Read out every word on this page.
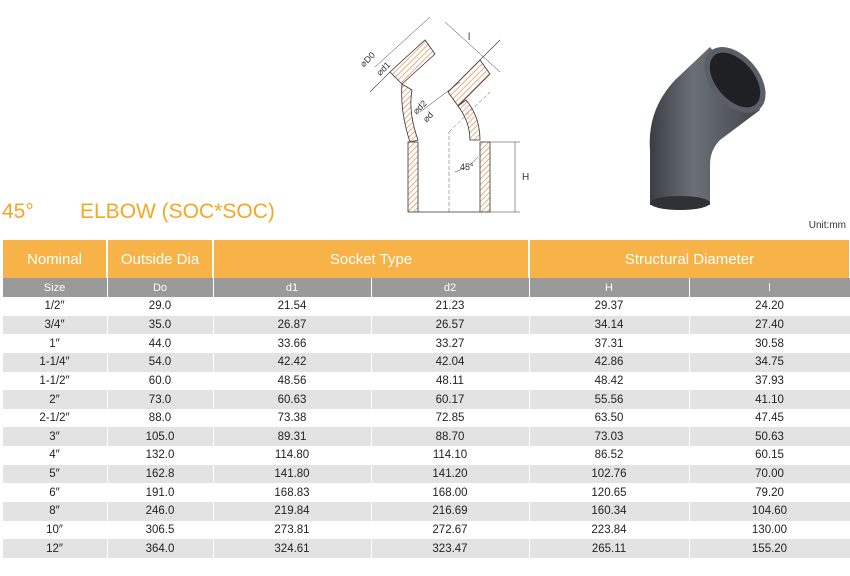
⌀D0
⌀d1
⌀d2
⌀d
l
H
45°
45° ELBOW (SOC*SOC)
Unit:mm
Nominal	Outside Dia	Socket Type		Structural Diameter	
Size	Do	d1	d2	H	l
1/2″	29.0	21.54	21.23	29.37	24.20
3/4″	35.0	26.87	26.57	34.14	27.40
1″	44.0	33.66	33.27	37.31	30.58
1-1/4″	54.0	42.42	42.04	42.86	34.75
1-1/2″	60.0	48.56	48.11	48.42	37.93
2″	73.0	60.63	60.17	55.56	41.10
2-1/2″	88.0	73.38	72.85	63.50	47.45
3″	105.0	89.31	88.70	73.03	50.63
4″	132.0	114.80	114.10	86.52	60.15
5″	162.8	141.80	141.20	102.76	70.00
6″	191.0	168.83	168.00	120.65	79.20
8″	246.0	219.84	216.69	160.34	104.60
10″	306.5	273.81	272.67	223.84	130.00
12″	364.0	324.61	323.47	265.11	155.20
